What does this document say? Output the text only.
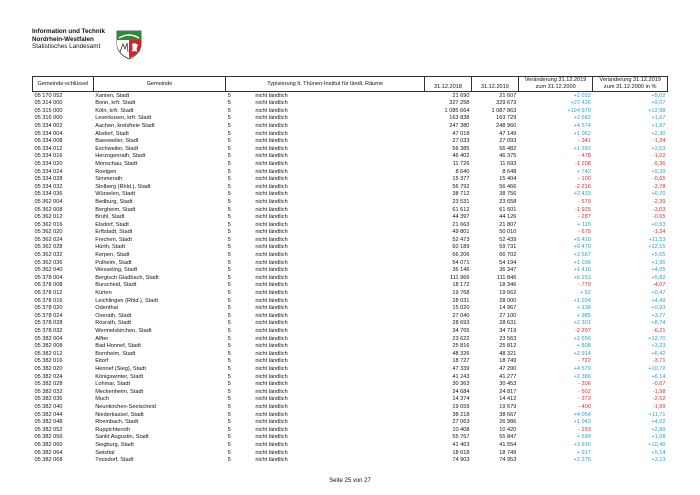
Information und Technik
Nordrhein-Westfalen
Statistisches Landesamt
Gemeinde-schlüssel	Gemeinde	Typisierung lt. Thünen-Institut für ländl. Räume		31.12.2018	31.12.2019	Veränderung 31.12.2019 zum 31.12.2000	Veränderung 31.12.2019 zum 31.12.2000 in %

05 170 052	Xanten, Stadt	5	nicht ländlich	21 690	21 607	+1 032	+5,02
05 314 000	Bonn, krfr. Stadt	5	nicht ländlich	327 258	329 673	+27 426	+9,07
05 315 000	Köln, krfr. Stadt	5	nicht ländlich	1 085 664	1 087 863	+124 970	+12,98
05 316 000	Leverkusen, krfr. Stadt	5	nicht ländlich	163 838	163 729	+2 682	+1,67
05 334 002	Aachen, kreisfreie Stadt	5	nicht ländlich	247 380	248 960	+4 574	+1,87
05 334 004	Alsdorf, Stadt	5	nicht ländlich	47 018	47 149	+1 062	+2,30
05 334 008	Baesweiler, Stadt	5	nicht ländlich	27 033	27 093	- 341	-1,24
05 334 012	Eschweiler, Stadt	5	nicht ländlich	56 385	56 482	+1 392	+2,53
05 334 016	Herzogenrath, Stadt	5	nicht ländlich	46 402	46 375	- 478	-1,02
05 334 020	Monschau, Stadt	5	nicht ländlich	11 726	11 693	-1 208	-9,36
05 334 024	Roetgen	5	nicht ländlich	8 640	8 648	+ 742	+9,39
05 334 028	Simmerath	5	nicht ländlich	15 377	15 404	- 100	-0,65
05 334 032	Stolberg (Rhld.), Stadt	5	nicht ländlich	56 792	56 466	-2 216	-3,78
05 334 036	Würselen, Stadt	5	nicht ländlich	38 712	38 756	+2 433	+6,70
05 362 004	Bedburg, Stadt	5	nicht ländlich	23 531	23 658	- 579	-2,39
05 362 008	Bergheim, Stadt	5	nicht ländlich	61 612	61 601	-1 925	-3,03
05 362 012	Brühl, Stadt	5	nicht ländlich	44 397	44 126	- 287	-0,65
05 362 016	Elsdorf, Stadt	5	nicht ländlich	21 663	21 807	+ 115	+0,53
05 362 020	Erftstadt, Stadt	5	nicht ländlich	49 801	50 010	- 679	-1,34
05 362 024	Frechen, Stadt	5	nicht ländlich	52 473	52 439	+5 420	+11,53
05 362 028	Hürth, Stadt	5	nicht ländlich	60 189	59 731	+6 470	+12,15
05 362 032	Kerpen, Stadt	5	nicht ländlich	66 206	66 702	+3 567	+5,65
05 362 036	Pulheim, Stadt	5	nicht ländlich	54 071	54 194	+1 036	+1,95
05 362 040	Wesseling, Stadt	5	nicht ländlich	36 146	36 347	+1 416	+4,05
05 378 004	Bergisch Gladbach, Stadt	5	nicht ländlich	111 966	111 846	+6 153	+5,82
05 378 008	Burscheid, Stadt	5	nicht ländlich	18 172	18 346	- 779	-4,07
05 378 012	Kürten	5	nicht ländlich	19 768	19 662	+ 92	+0,47
05 378 016	Leichlingen (Rhld.), Stadt	5	nicht ländlich	28 031	28 000	+1 204	+4,49
05 378 020	Odenthal	5	nicht ländlich	15 020	14 967	+ 138	+0,93
05 378 024	Overath, Stadt	5	nicht ländlich	27 040	27 100	+ 985	+3,77
05 378 028	Rösrath, Stadt	5	nicht ländlich	28 693	28 631	+2 301	+8,74
05 378 032	Wermelskirchen, Stadt	5	nicht ländlich	34 765	34 719	-2 297	-6,21
05 382 004	Alfter	5	nicht ländlich	23 622	23 563	+2 656	+12,70
05 382 008	Bad Honnef, Stadt	5	nicht ländlich	25 816	25 812	+ 808	+3,23
05 382 012	Bornheim, Stadt	5	nicht ländlich	48 326	48 321	+2 914	+6,42
05 382 016	Eitorf	5	nicht ländlich	18 727	18 749	- 722	-3,71
05 382 020	Hennef (Sieg), Stadt	5	nicht ländlich	47 339	47 290	+4 579	+10,72
05 382 024	Königswinter, Stadt	5	nicht ländlich	41 243	41 277	+2 386	+6,14
05 382 028	Lohmar, Stadt	5	nicht ländlich	30 363	30 453	- 206	-0,67
05 382 032	Meckenheim, Stadt	5	nicht ländlich	24 684	24 817	- 502	-1,98
05 382 036	Much	5	nicht ländlich	14 374	14 412	- 373	-2,52
05 382 040	Neunkirchen-Seelscheid	5	nicht ländlich	19 659	19 679	- 400	-1,99
05 382 044	Niederkassel, Stadt	5	nicht ländlich	38 218	38 667	+4 054	+11,71
05 382 048	Rheinbach, Stadt	5	nicht ländlich	27 063	26 986	+1 043	+4,02
05 382 052	Ruppichteroth	5	nicht ländlich	10 408	10 420	- 293	+2,89
05 382 056	Sankt Augustin, Stadt	5	nicht ländlich	55 767	55 847	+ 599	+1,08
05 382 060	Siegburg, Stadt	5	nicht ländlich	41 463	41 554	+3 916	+10,40
05 382 064	Swisttal	5	nicht ländlich	18 618	18 749	+ 917	+5,14
05 382 068	Troisdorf, Stadt	5	nicht ländlich	74 903	74 953	+2 275	+3,13
Seite 25 von 27
